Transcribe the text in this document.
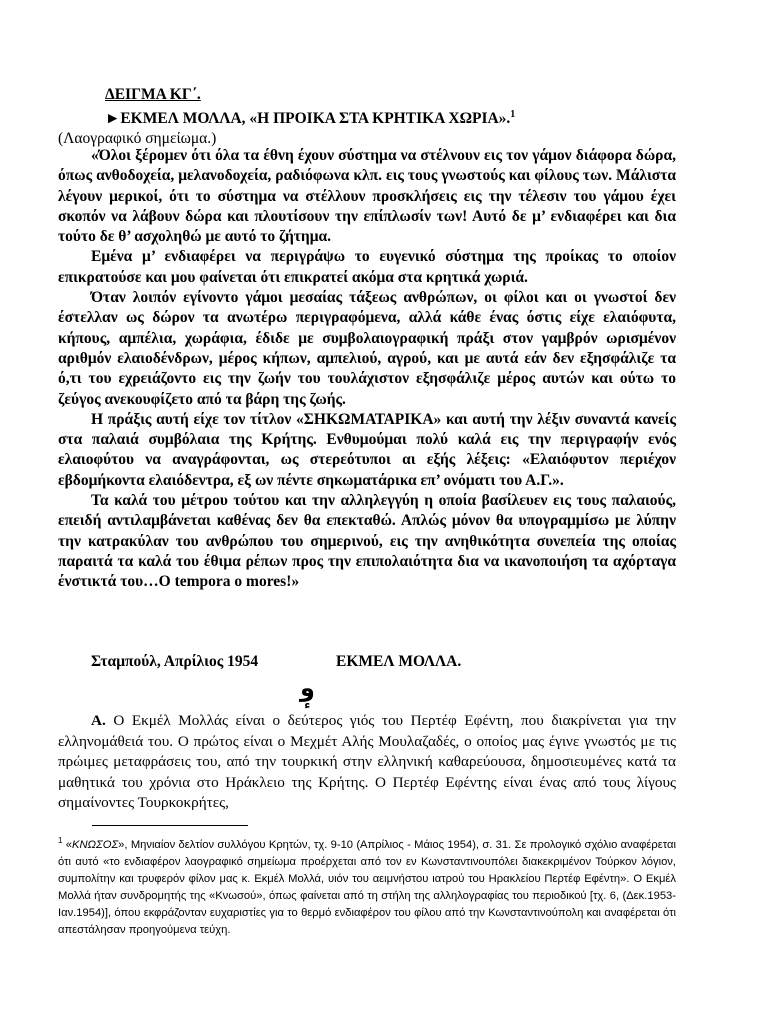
ΔΕΙΓΜΑ ΚΓ΄.
►ΕΚΜΕΛ ΜΟΛΛΑ, «Η ΠΡΟΙΚΑ ΣΤΑ ΚΡΗΤΙΚΑ ΧΩΡΙΑ».$^1$
(Λαογραφικό σημείωμα.)

«Όλοι ξέρομεν ότι όλα τα έθνη έχουν σύστημα να στέλνουν εις τον γάμον διάφορα δώρα, όπως ανθοδοχεία, μελανοδοχεία, ραδιόφωνα κλπ. εις τους γνωστούς και φίλους των. Μάλιστα λέγουν μερικοί, ότι το σύστημα να στέλλουν προσκλήσεις εις την τέλεσιν του γάμου έχει σκοπόν να λάβουν δώρα και πλουτίσουν την επίπλωσίν των! Αυτό δε μ’ ενδιαφέρει και δια τούτο δε θ’ ασχοληθώ με αυτό το ζήτημα.

Εμένα μ’ ενδιαφέρει να περιγράψω το ευγενικό σύστημα της προίκας το οποίον επικρατούσε και μου φαίνεται ότι επικρατεί ακόμα στα κρητικά χωριά.

Όταν λοιπόν εγίνοντο γάμοι μεσαίας τάξεως ανθρώπων, οι φίλοι και οι γνωστοί δεν έστελλαν ως δώρον τα ανωτέρω περιγραφόμενα, αλλά κάθε ένας όστις είχε ελαιόφυτα, κήπους, αμπέλια, χωράφια, έδιδε με συμβολαιογραφική πράξι στον γαμβρόν ωρισμένον αριθμόν ελαιοδένδρων, μέρος κήπων, αμπελιού, αγρού, και με αυτά εάν δεν εξησφάλιζε τα ό,τι του εχρειάζοντο εις την ζωήν του τουλάχιστον εξησφάλιζε μέρος αυτών και ούτω το ζεύγος ανεκουφίζετο από τα βάρη της ζωής.

Η πράξις αυτή είχε τον τίτλον «ΣΗΚΩΜΑΤΑΡΙΚΑ» και αυτή την λέξιν συναντά κανείς στα παλαιά συμβόλαια της Κρήτης. Ενθυμούμαι πολύ καλά εις την περιγραφήν ενός ελαιοφύτου να αναγράφονται, ως στερεότυποι αι εξής λέξεις: «Ελαιόφυτον περιέχον εβδομήκοντα ελαιόδεντρα, εξ ων πέντε σηκωματάρικα επ’ ονόματι του Α.Γ.».

Τα καλά του μέτρου τούτου και την αλληλεγγύη η οποία βασίλευεν εις τους παλαιούς, επειδή αντιλαμβάνεται καθένας δεν θα επεκταθώ. Απλώς μόνον θα υπογραμμίσω με λύπην την κατρακύλαν του ανθρώπου του σημερινού, εις την ανηθικότητα συνεπεία της οποίας παραιτά τα καλά του έθιμα ρέπων προς την επιπολαιότητα δια να ικανοποιήση τα αχόρταγα ένστικτά του…O tempora o mores!»

Σταμπούλ, Απρίλιος 1954	ΕΚΜΕΛ ΜΟΛΛΑ.
وٕ

Α. Ο Εκμέλ Μολλάς είναι ο δεύτερος γιός του Περτέφ Εφέντη, που διακρίνεται για την ελληνομάθειά του. Ο πρώτος είναι ο Μεχμέτ Αλής Μουλαζαδές, ο οποίος μας έγινε γνωστός με τις πρώιμες μεταφράσεις του, από την τουρκική στην ελληνική καθαρεύουσα, δημοσιευμένες κατά τα μαθητικά του χρόνια στο Ηράκλειο της Κρήτης. Ο Περτέφ Εφέντης είναι ένας από τους λίγους σημαίνοντες Τουρκοκρήτες,

$^1$ «ΚΝΩΣΟΣ», Μηνιαίον δελτίον συλλόγου Κρητών, τχ. 9-10 (Απρίλιος - Μάιος 1954), σ. 31. Σε προλογικό σχόλιο αναφέρεται ότι αυτό «το ενδιαφέρον λαογραφικό σημείωμα προέρχεται από τον εν Κωνσταντινουπόλει διακεκριμένον Τούρκον λόγιον, συμπολίτην και τρυφερόν φίλον μας κ. Εκμέλ Μολλά, υιόν του αειμνήστου ιατρού του Ηρακλείου Περτέφ Εφέντη». Ο Εκμέλ Μολλά ήταν συνδρομητής της «Κνωσού», όπως φαίνεται από τη στήλη της αλληλογραφίας του περιοδικού [τχ. 6, (Δεκ.1953- Ιαν.1954)], όπου εκφράζονταν ευχαριστίες για το θερμό ενδιαφέρον του φίλου από την Κωνσταντινούπολη και αναφέρεται ότι απεστάλησαν προηγούμενα τεύχη.
